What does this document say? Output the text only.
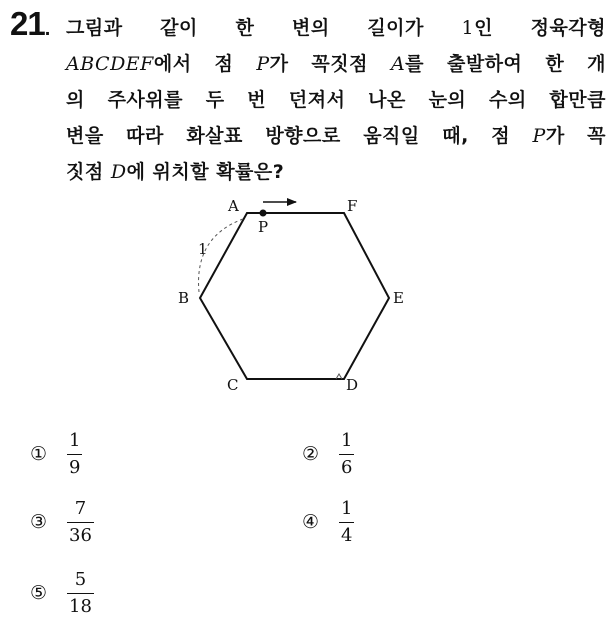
21. 그림과 같이 한 변의 길이가 1인 정육각형
ABCDEF에서 점 P가 꼭짓점 A를 출발하여 한 개
의 주사위를 두 번 던져서 나온 눈의 수의 합만큼
변을 따라 화살표 방향으로 움직일 때, 점 P가 꼭
짓점 D에 위치할 확률은?
A
B
C	D
E
F
P
1
① $\frac{1}{9}$	② $\frac{1}{6}$
③ $\frac{7}{36}$	④ $\frac{1}{4}$
⑤ $\frac{5}{18}$
